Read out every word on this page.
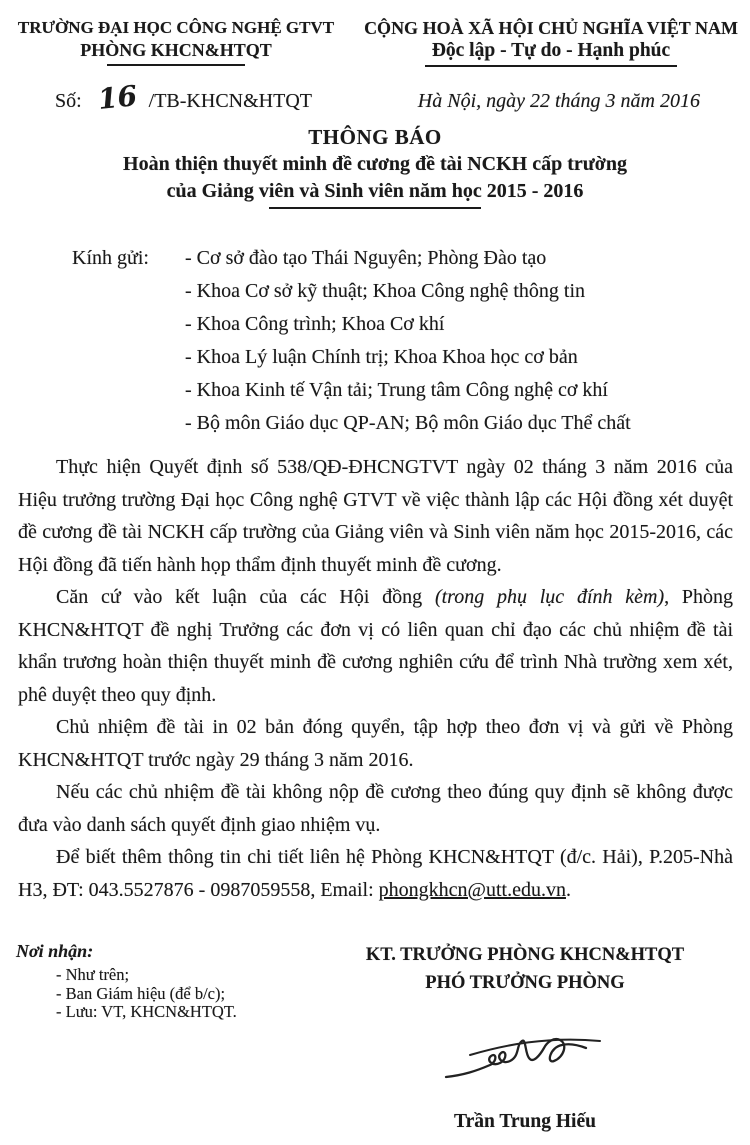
TRƯỜNG ĐẠI HỌC CÔNG NGHỆ GTVT
PHÒNG KHCN&HTQT
CỘNG HOÀ XÃ HỘI CHỦ NGHĨA VIỆT NAM
Độc lập - Tự do - Hạnh phúc
Số: 16 /TB-KHCN&HTQT	Hà Nội, ngày 22 tháng 3 năm 2016
THÔNG BÁO
Hoàn thiện thuyết minh đề cương đề tài NCKH cấp trường
của Giảng viên và Sinh viên năm học 2015 - 2016
Kính gửi:	- Cơ sở đào tạo Thái Nguyên; Phòng Đào tạo
- Khoa Cơ sở kỹ thuật; Khoa Công nghệ thông tin
- Khoa Công trình; Khoa Cơ khí
- Khoa Lý luận Chính trị; Khoa Khoa học cơ bản
- Khoa Kinh tế Vận tải; Trung tâm Công nghệ cơ khí
- Bộ môn Giáo dục QP-AN; Bộ môn Giáo dục Thể chất

Thực hiện Quyết định số 538/QĐ-ĐHCNGTVT ngày 02 tháng 3 năm 2016 của Hiệu trưởng trường Đại học Công nghệ GTVT về việc thành lập các Hội đồng xét duyệt đề cương đề tài NCKH cấp trường của Giảng viên và Sinh viên năm học 2015-2016, các Hội đồng đã tiến hành họp thẩm định thuyết minh đề cương.

Căn cứ vào kết luận của các Hội đồng (trong phụ lục đính kèm), Phòng KHCN&HTQT đề nghị Trưởng các đơn vị có liên quan chỉ đạo các chủ nhiệm đề tài khẩn trương hoàn thiện thuyết minh đề cương nghiên cứu để trình Nhà trường xem xét, phê duyệt theo quy định.

Chủ nhiệm đề tài in 02 bản đóng quyển, tập hợp theo đơn vị và gửi về Phòng KHCN&HTQT trước ngày 29 tháng 3 năm 2016.

Nếu các chủ nhiệm đề tài không nộp đề cương theo đúng quy định sẽ không được đưa vào danh sách quyết định giao nhiệm vụ.

Để biết thêm thông tin chi tiết liên hệ Phòng KHCN&HTQT (đ/c. Hải), P.205-Nhà H3, ĐT: 043.5527876 - 0987059558, Email: phongkhcn@utt.edu.vn.

Nơi nhận:
- Như trên;
- Ban Giám hiệu (để b/c);
- Lưu: VT, KHCN&HTQT.
KT. TRƯỞNG PHÒNG KHCN&HTQT
PHÓ TRƯỞNG PHÒNG
Trần Trung Hiếu
